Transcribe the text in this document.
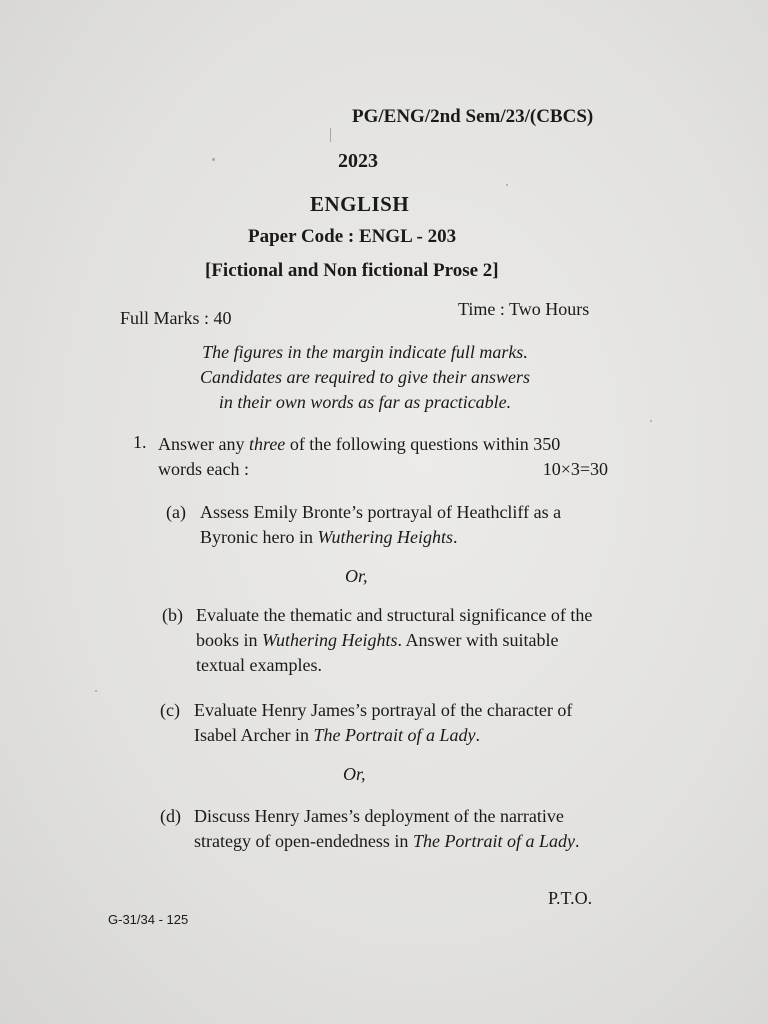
PG/ENG/2nd Sem/23/(CBCS)
2023
ENGLISH
Paper Code : ENGL - 203
[Fictional and Non fictional Prose 2]
Full Marks : 40	Time : Two Hours
The figures in the margin indicate full marks.
Candidates are required to give their answers
in their own words as far as practicable.
1. Answer any three of the following questions within 350 words each :	10×3=30
(a) Assess Emily Bronte’s portrayal of Heathcliff as a Byronic hero in Wuthering Heights.
Or,
(b) Evaluate the thematic and structural significance of the books in Wuthering Heights. Answer with suitable textual examples.
(c) Evaluate Henry James’s portrayal of the character of Isabel Archer in The Portrait of a Lady.
Or,
(d) Discuss Henry James’s deployment of the narrative strategy of open-endedness in The Portrait of a Lady.
P.T.O.
G-31/34 - 125
